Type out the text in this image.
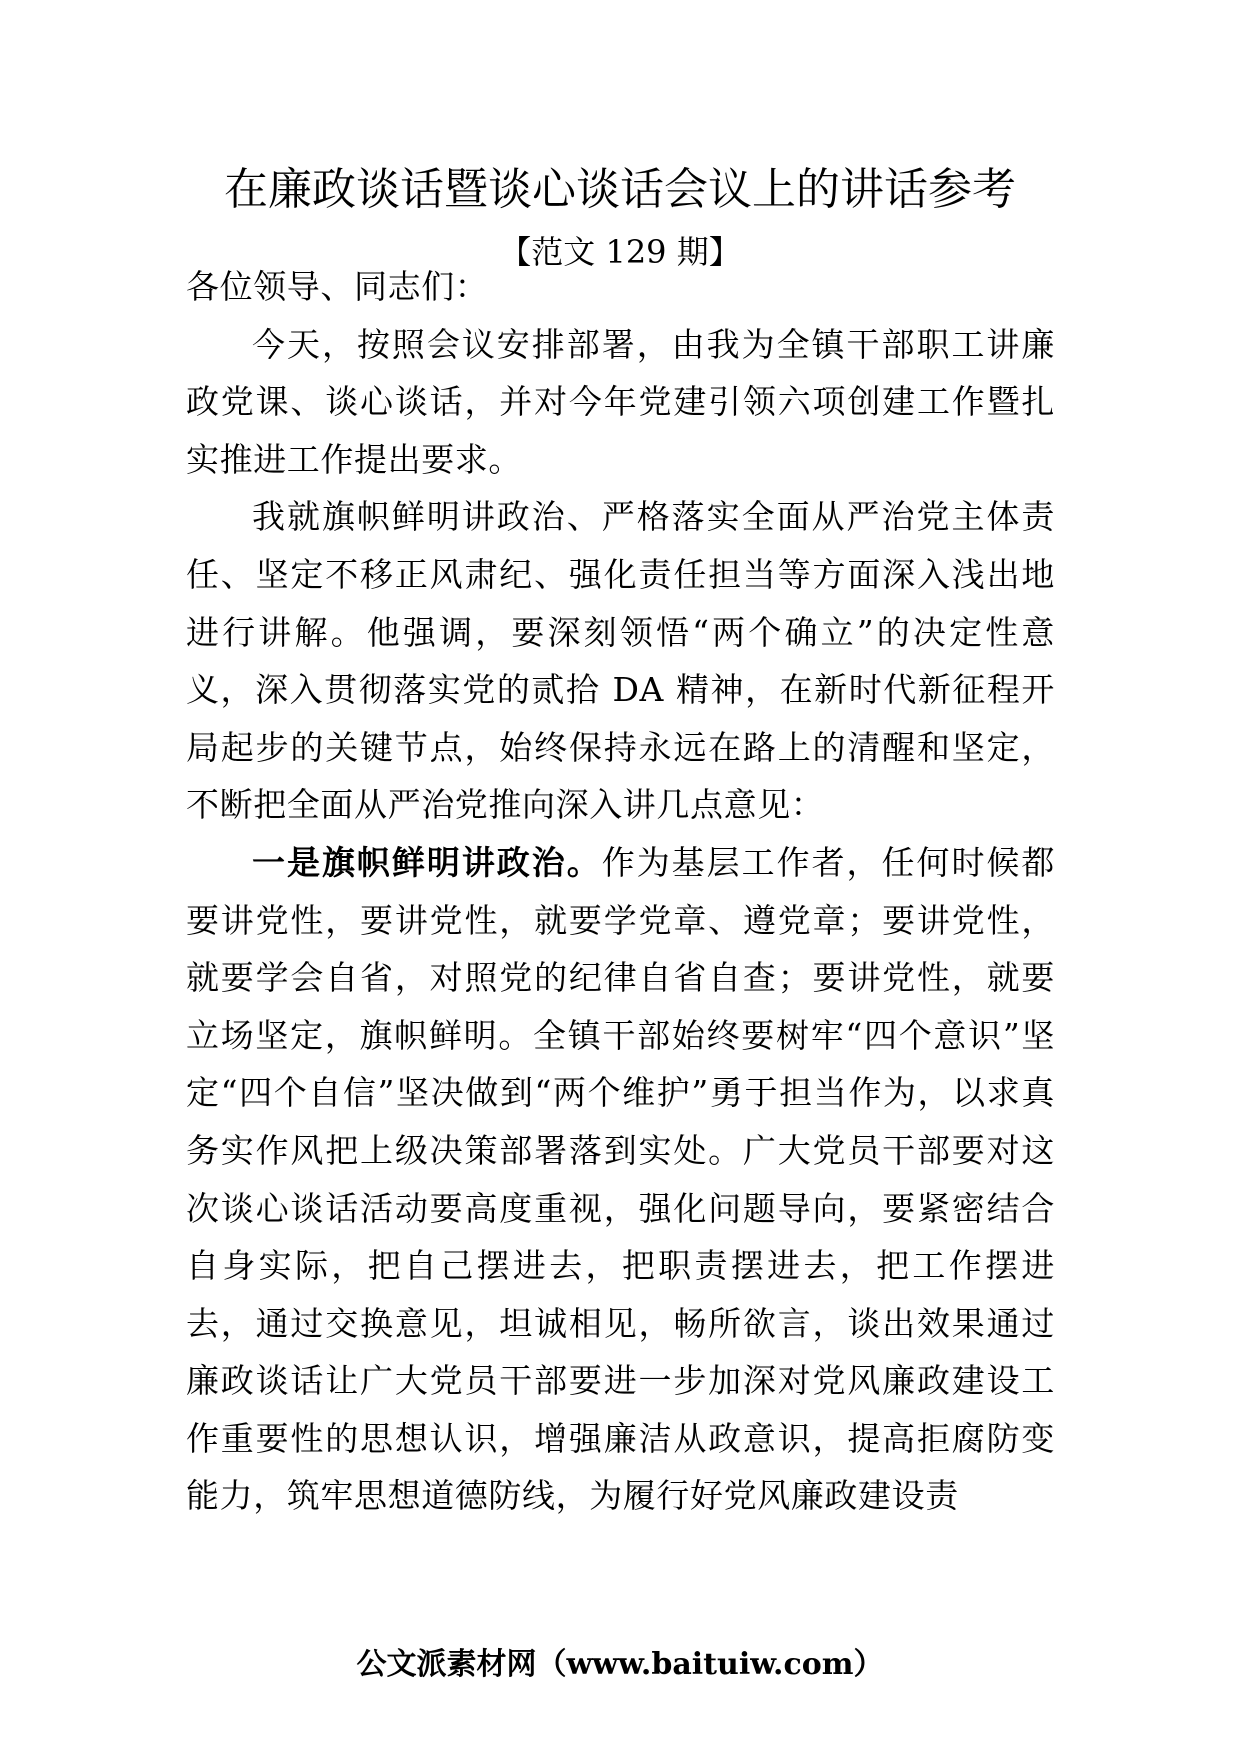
在廉政谈话暨谈心谈话会议上的讲话参考
【范文 129 期】

各位领导、同志们：

今天，按照会议安排部署，由我为全镇干部职工讲廉政党课、谈心谈话，并对今年党建引领六项创建工作暨扎实推进工作提出要求。

我就旗帜鲜明讲政治、严格落实全面从严治党主体责任、坚定不移正风肃纪、强化责任担当等方面深入浅出地进行讲解。他强调，要深刻领悟“两个确立”的决定性意义，深入贯彻落实党的贰拾 DA 精神，在新时代新征程开局起步的关键节点，始终保持永远在路上的清醒和坚定，不断把全面从严治党推向深入讲几点意见：

一是旗帜鲜明讲政治。作为基层工作者，任何时候都要讲党性，要讲党性，就要学党章、遵党章；要讲党性，就要学会自省，对照党的纪律自省自查；要讲党性，就要立场坚定，旗帜鲜明。全镇干部始终要树牢“四个意识”坚定“四个自信”坚决做到“两个维护”勇于担当作为，以求真务实作风把上级决策部署落到实处。广大党员干部要对这次谈心谈话活动要高度重视，强化问题导向，要紧密结合自身实际，把自己摆进去，把职责摆进去，把工作摆进去，通过交换意见，坦诚相见，畅所欲言，谈出效果通过廉政谈话让广大党员干部要进一步加深对党风廉政建设工作重要性的思想认识，增强廉洁从政意识，提高拒腐防变能力，筑牢思想道德防线，为履行好党风廉政建设责

公文派素材网（www.baituiw.com）
